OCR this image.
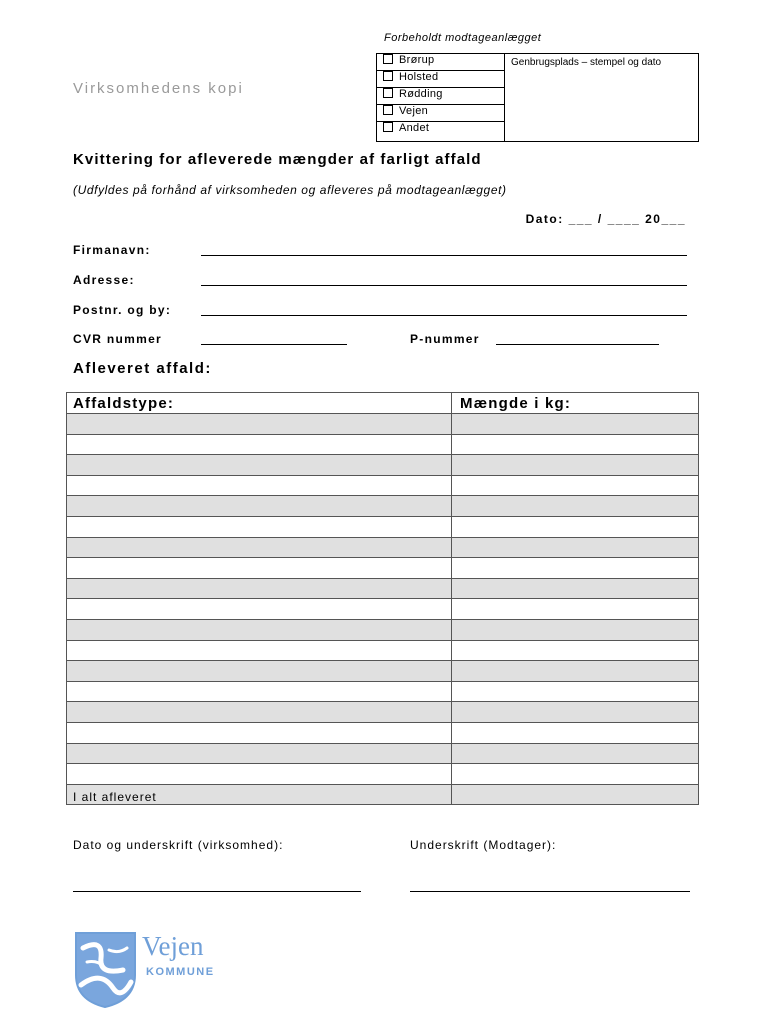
Forbeholdt modtageanlægget
Virksomhedens kopi
Brørup
Holsted
Rødding
Vejen
Andet
Genbrugsplads – stempel og dato
Kvittering for afleverede mængder af farligt affald
(Udfyldes på forhånd af virksomheden og afleveres på modtageanlægget)
Dato: ___ / ____ 20___
Firmanavn:
Adresse:
Postnr. og by:
CVR nummer	P-nummer
Afleveret affald:
Affaldstype:	Mængde i kg:

I alt afleveret	
Dato og underskrift (virksomhed):	Underskrift (Modtager):
Vejen
KOMMUNE
